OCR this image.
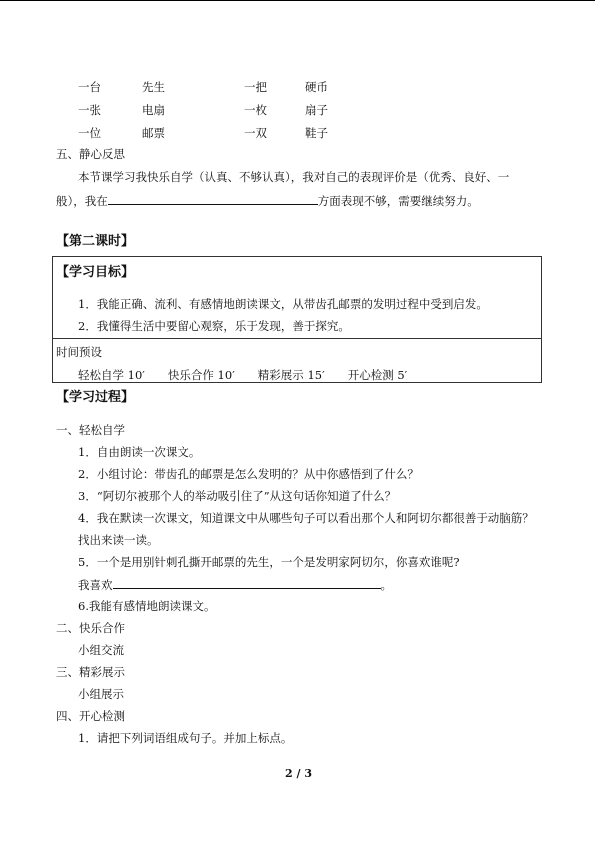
一台	先生	一把	硬币
一张	电扇	一枚	扇子
一位	邮票	一双	鞋子
五、静心反思
本节课学习我快乐自学（认真、不够认真），我对自己的表现评价是（优秀、良好、一
般），我在	方面表现不够，需要继续努力。
【第二课时】
【学习目标】
1．我能正确、流利、有感情地朗读课文，从带齿孔邮票的发明过程中受到启发。
2．我懂得生活中要留心观察，乐于发现，善于探究。
时间预设
轻松自学 10′　　快乐合作 10′　　精彩展示 15′　　开心检测 5′
【学习过程】
一、轻松自学
1．自由朗读一次课文。
2．小组讨论：带齿孔的邮票是怎么发明的？从中你感悟到了什么？
3．“阿切尔被那个人的举动吸引住了”从这句话你知道了什么？
4．我在默读一次课文，知道课文中从哪些句子可以看出那个人和阿切尔都很善于动脑筋？
找出来读一读。
5．一个是用别针刺孔撕开邮票的先生，一个是发明家阿切尔，你喜欢谁呢?
我喜欢	。
6.我能有感情地朗读课文。
二、快乐合作
小组交流
三、精彩展示
小组展示
四、开心检测
1．请把下列词语组成句子。并加上标点。
2 / 3
